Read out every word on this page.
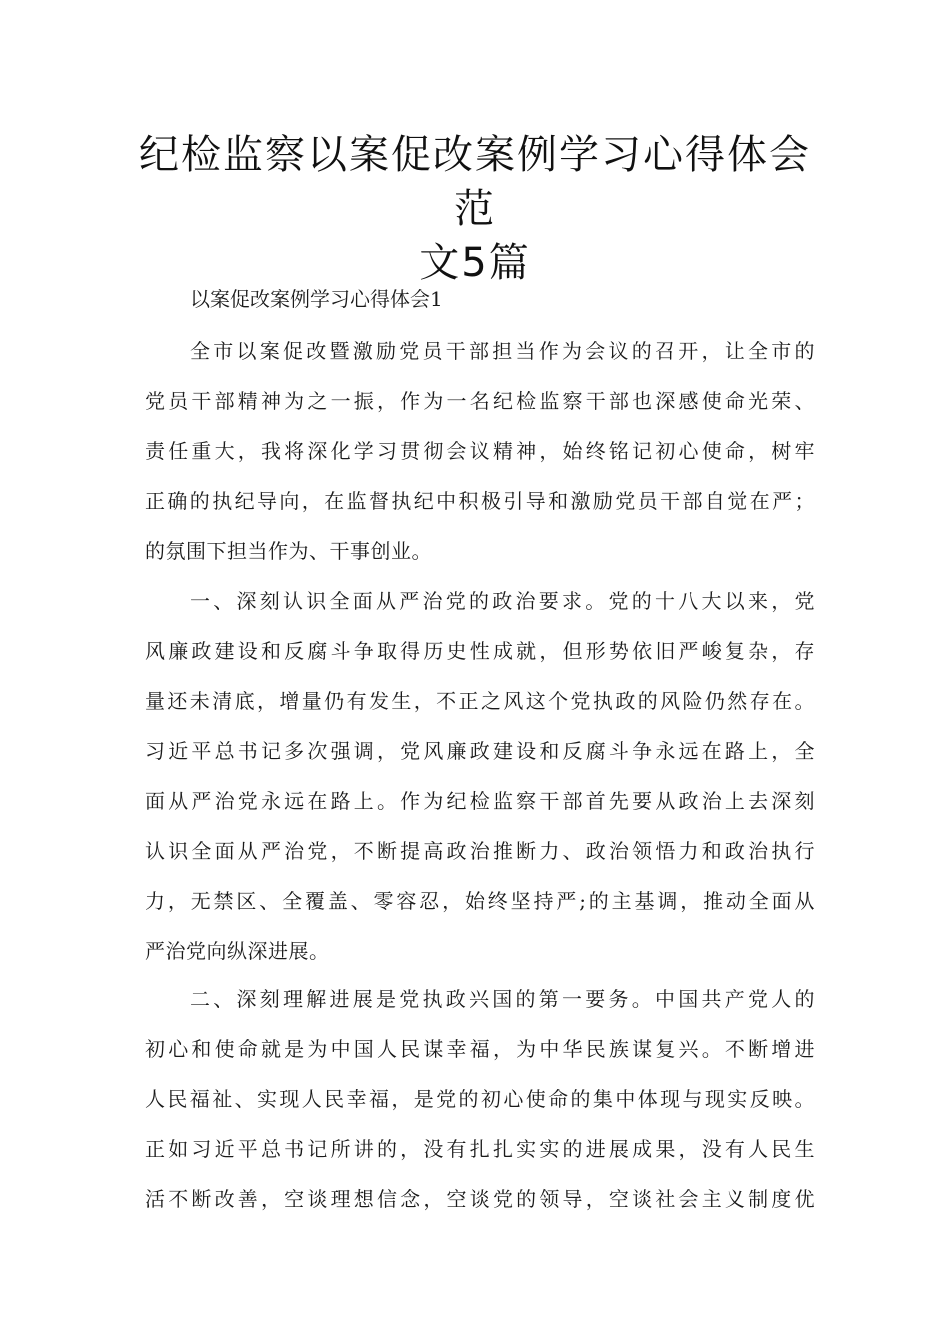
纪检监察以案促改案例学习心得体会范
文5篇

以案促改案例学习心得体会1

全市以案促改暨激励党员干部担当作为会议的召开，让全市的
党员干部精神为之一振，作为一名纪检监察干部也深感使命光荣、
责任重大，我将深化学习贯彻会议精神，始终铭记初心使命，树牢
正确的执纪导向，在监督执纪中积极引导和激励党员干部自觉在严；
的氛围下担当作为、干事创业。
一、深刻认识全面从严治党的政治要求。党的十八大以来，党
风廉政建设和反腐斗争取得历史性成就，但形势依旧严峻复杂，存
量还未清底，增量仍有发生，不正之风这个党执政的风险仍然存在。
习近平总书记多次强调，党风廉政建设和反腐斗争永远在路上，全
面从严治党永远在路上。作为纪检监察干部首先要从政治上去深刻
认识全面从严治党，不断提高政治推断力、政治领悟力和政治执行
力，无禁区、全覆盖、零容忍，始终坚持严;的主基调，推动全面从
严治党向纵深进展。
二、深刻理解进展是党执政兴国的第一要务。中国共产党人的
初心和使命就是为中国人民谋幸福，为中华民族谋复兴。不断增进
人民福祉、实现人民幸福，是党的初心使命的集中体现与现实反映。
正如习近平总书记所讲的，没有扎扎实实的进展成果，没有人民生
活不断改善，空谈理想信念，空谈党的领导，空谈社会主义制度优
